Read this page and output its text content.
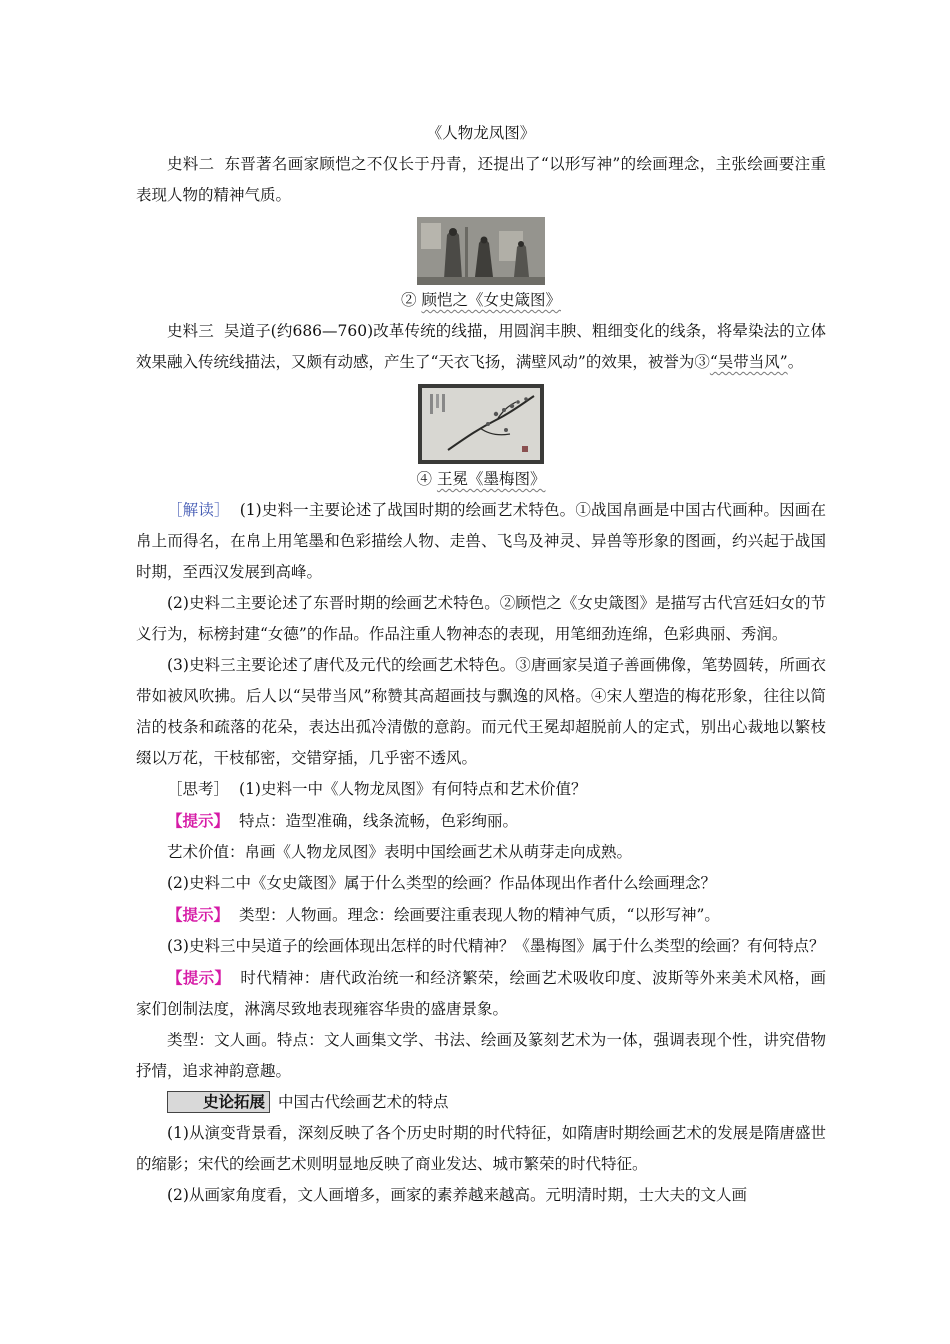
《人物龙凤图》

史料二 东晋著名画家顾恺之不仅长于丹青，还提出了“以形写神”的绘画理念，主张绘画要注重表现人物的精神气质。

② 顾恺之《女史箴图》

史料三 吴道子(约686—760)改革传统的线描，用圆润丰腴、粗细变化的线条，将晕染法的立体效果融入传统线描法，又颇有动感，产生了“天衣飞扬，满壁风动”的效果，被誉为③“吴带当风”。

④ 王冕《墨梅图》

［解读］ (1)史料一主要论述了战国时期的绘画艺术特色。①战国帛画是中国古代画种。因画在帛上而得名，在帛上用笔墨和色彩描绘人物、走兽、飞鸟及神灵、异兽等形象的图画，约兴起于战国时期，至西汉发展到高峰。

(2)史料二主要论述了东晋时期的绘画艺术特色。②顾恺之《女史箴图》是描写古代宫廷妇女的节义行为，标榜封建“女德”的作品。作品注重人物神态的表现，用笔细劲连绵，色彩典丽、秀润。

(3)史料三主要论述了唐代及元代的绘画艺术特色。③唐画家吴道子善画佛像，笔势圆转，所画衣带如被风吹拂。后人以“吴带当风”称赞其高超画技与飘逸的风格。④宋人塑造的梅花形象，往往以简洁的枝条和疏落的花朵，表达出孤冷清傲的意韵。而元代王冕却超脱前人的定式，别出心裁地以繁枝缀以万花，干枝郁密，交错穿插，几乎密不透风。

［思考］ (1)史料一中《人物龙凤图》有何特点和艺术价值？

【提示】 特点：造型准确，线条流畅，色彩绚丽。

艺术价值：帛画《人物龙凤图》表明中国绘画艺术从萌芽走向成熟。

(2)史料二中《女史箴图》属于什么类型的绘画？作品体现出作者什么绘画理念？

【提示】 类型：人物画。理念：绘画要注重表现人物的精神气质，“以形写神”。

(3)史料三中吴道子的绘画体现出怎样的时代精神？《墨梅图》属于什么类型的绘画？有何特点？

【提示】 时代精神：唐代政治统一和经济繁荣，绘画艺术吸收印度、波斯等外来美术风格，画家们创制法度，淋漓尽致地表现雍容华贵的盛唐景象。

类型：文人画。特点：文人画集文学、书法、绘画及篆刻艺术为一体，强调表现个性，讲究借物抒情，追求神韵意趣。

史论拓展 中国古代绘画艺术的特点

(1)从演变背景看，深刻反映了各个历史时期的时代特征，如隋唐时期绘画艺术的发展是隋唐盛世的缩影；宋代的绘画艺术则明显地反映了商业发达、城市繁荣的时代特征。

(2)从画家角度看，文人画增多，画家的素养越来越高。元明清时期，士大夫的文人画
